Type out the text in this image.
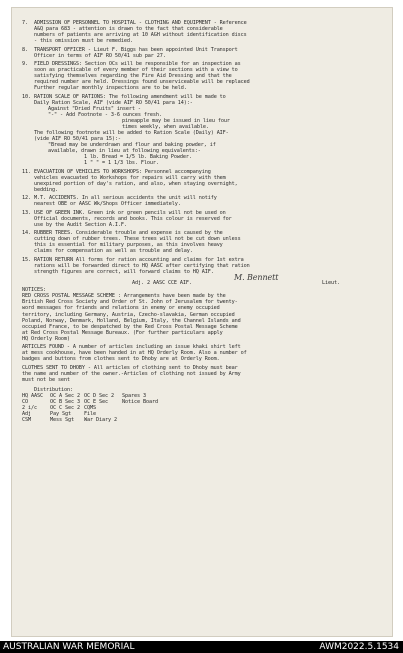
7. ADMISSION OF PERSONNEL TO HOSPITAL - CLOTHING AND EQUIPMENT - Reference
A&Q para 683 - attention is drawn to the fact that considerable
numbers of patients are arriving at 10 AGH without identification discs
- this omission must be remedied.
8. TRANSPORT OFFICER - Lieut F. Biggs has been appointed Unit Transport
Officer in terms of AIF RO 50/41 sub par 27.
9. FIELD DRESSINGS: Section OCs will be responsible for an inspection as
soon as practicable of every member of their sections with a view to
satisfying themselves regarding the Fire Aid Dressing and that the
required number are held. Dressings found unserviceable will be replaced
Further regular monthly inspections are to be held.
10. RATION SCALE OF RATIONS: The following amendment will be made to
Daily Ration Scale, AIF (vide AIF RO 50/41 para 14):-
Against "Dried Fruits" insert -
"-" - Add Footnote - 3-6 ounces fresh.
pineapple may be issued in lieu four
times weekly, when available.
The following footnote will be added to Ration Scale (Daily) AIF-
(vide AIF RO 50/41 para 15):-
"Bread may be underdrawn and flour and baking powder, if
available, drawn in lieu at following equivalents:-
1 lb. Bread = 1/5 lb. Baking Powder.
1 " " = 1 1/3 lbs. Flour.
11. EVACUATION OF VEHICLES TO WORKSHOPS: Personnel accompanying
vehicles evacuated to Workshops for repairs will carry with them
unexpired portion of day's ration, and also, when staying overnight,
bedding.
12. M.T. ACCIDENTS. In all serious accidents the unit will notify
nearest OBE or AASC Wk/Shops Officer immediately.
13. USE OF GREEN INK. Green ink or green pencils will not be used on
Official documents, records and books. This colour is reserved for
use by the Audit Section A.I.F.
14. RUBBER TREES. Considerable trouble and expense is caused by the
cutting down of rubber trees. These trees will not be cut down unless
this is essential for military purposes, as this involves heavy
claims for compensation as well as trouble and delay.
15. RATION RETURN All forms for ration accounting and claims for 1st extra
rations will be forwarded direct to HQ AASC after certifying that ration
strength figures are correct, will forward claims to HQ AIF.
Adj. 2 AASC CCE AIF.
M. Bennett
Lieut.
NOTICES:
RED CROSS POSTAL MESSAGE SCHEME : Arrangements have been made by the
British Red Cross Society and Order of St. John of Jerusalem for twenty-
word messages for friends and relations in enemy or enemy occupied
territory, including Germany, Austria, Czecho-slavakia, German occupied
Poland, Norway, Denmark, Holland, Belgium, Italy, the Channel Islands and
occupied France, to be despatched by the Red Cross Postal Message Scheme
at Red Cross Postal Message Bureaux. (For further particulars apply
HQ Orderly Room)
ARTICLES FOUND - A number of articles including an issue khaki shirt left
at mess cookhouse, have been handed in at HQ Orderly Room. Also a number of
badges and buttons from clothes sent to Dhoby are at Orderly Room.
CLOTHES SENT TO DHOBY - All articles of clothing sent to Dhoby must bear
the name and number of the owner.-Articles of clothing not issued by Army
must not be sent
Distribution:
HQ AASC	OC A Sec 2 OC D Sec 2	Spares 3
CO	OC B Sec 3 OC E Sec	Notice Board
2 i/c	OC C Sec 2 CQMS
Adj	Pay Sgt	File
CSM	Mess Sgt	War Diary 2
AUSTRALIAN WAR MEMORIAL	AWM2022.5.1534
